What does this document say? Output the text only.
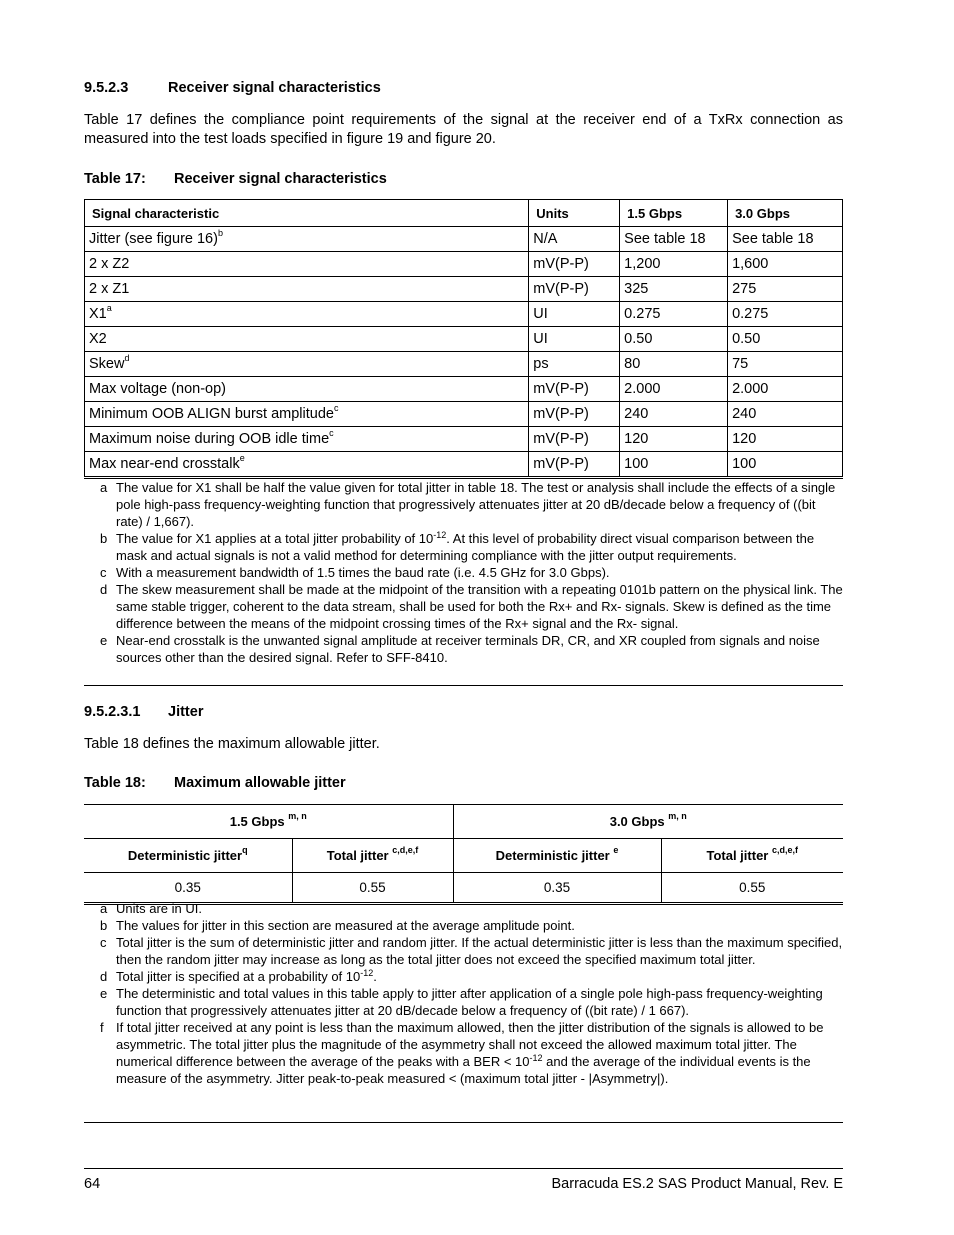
9.5.2.3	Receiver signal characteristics
Table 17 defines the compliance point requirements of the signal at the receiver end of a TxRx connection as measured into the test loads specified in figure 19 and figure 20.
Table 17: Receiver signal characteristics
Signal characteristic	Units	1.5 Gbps	3.0 Gbps
Jitter (see figure 16)$^b$	N/A	See table 18	See table 18
2 x Z2	mV(P-P)	1,200	1,600
2 x Z1	mV(P-P)	325	275
X1$^a$	UI	0.275	0.275
X2	UI	0.50	0.50
Skew$^d$	ps	80	75
Max voltage (non-op)	mV(P-P)	2.000	2.000
Minimum OOB ALIGN burst amplitude$^c$	mV(P-P)	240	240
Maximum noise during OOB idle time$^c$	mV(P-P)	120	120
Max near-end crosstalk$^e$	mV(P-P)	100	100

a The value for X1 shall be half the value given for total jitter in table 18. The test or analysis shall include the effects of a single pole high-pass frequency-weighting function that progressively attenuates jitter at 20 dB/decade below a frequency of ((bit rate) / 1,667).

b The value for X1 applies at a total jitter probability of $10^{-12}$. At this level of probability direct visual comparison between the mask and actual signals is not a valid method for determining compliance with the jitter output requirements.

c With a measurement bandwidth of 1.5 times the baud rate (i.e. 4.5 GHz for 3.0 Gbps).

d The skew measurement shall be made at the midpoint of the transition with a repeating 0101b pattern on the physical link. The same stable trigger, coherent to the data stream, shall be used for both the Rx+ and Rx- signals. Skew is defined as the time difference between the means of the midpoint crossing times of the Rx+ signal and the Rx- signal.

e Near-end crosstalk is the unwanted signal amplitude at receiver terminals DR, CR, and XR coupled from signals and noise sources other than the desired signal. Refer to SFF-8410.

9.5.2.3.1 Jitter
Table 18 defines the maximum allowable jitter.
Table 18: Maximum allowable jitter
1.5 Gbps $^{m, n}$		3.0 Gbps $^{m, n}$
Deterministic jitter$^q$	Total jitter $^{c,d,e,f}$	Deterministic jitter $^e$	Total jitter $^{c,d,e,f}$
0.35	0.55	0.35	0.55

a Units are in UI.

b The values for jitter in this section are measured at the average amplitude point.

c Total jitter is the sum of deterministic jitter and random jitter. If the actual deterministic jitter is less than the maximum specified, then the random jitter may increase as long as the total jitter does not exceed the specified maximum total jitter.

d Total jitter is specified at a probability of $10^{-12}$.

e The deterministic and total values in this table apply to jitter after application of a single pole high-pass frequency-weighting function that progressively attenuates jitter at 20 dB/decade below a frequency of ((bit rate) / 1 667).

f If total jitter received at any point is less than the maximum allowed, then the jitter distribution of the signals is allowed to be asymmetric. The total jitter plus the magnitude of the asymmetry shall not exceed the allowed maximum total jitter. The numerical difference between the average of the peaks with a BER < $10^{-12}$ and the average of the individual events is the measure of the asymmetry. Jitter peak-to-peak measured < (maximum total jitter - |Asymmetry|).

64	Barracuda ES.2 SAS Product Manual, Rev. E
